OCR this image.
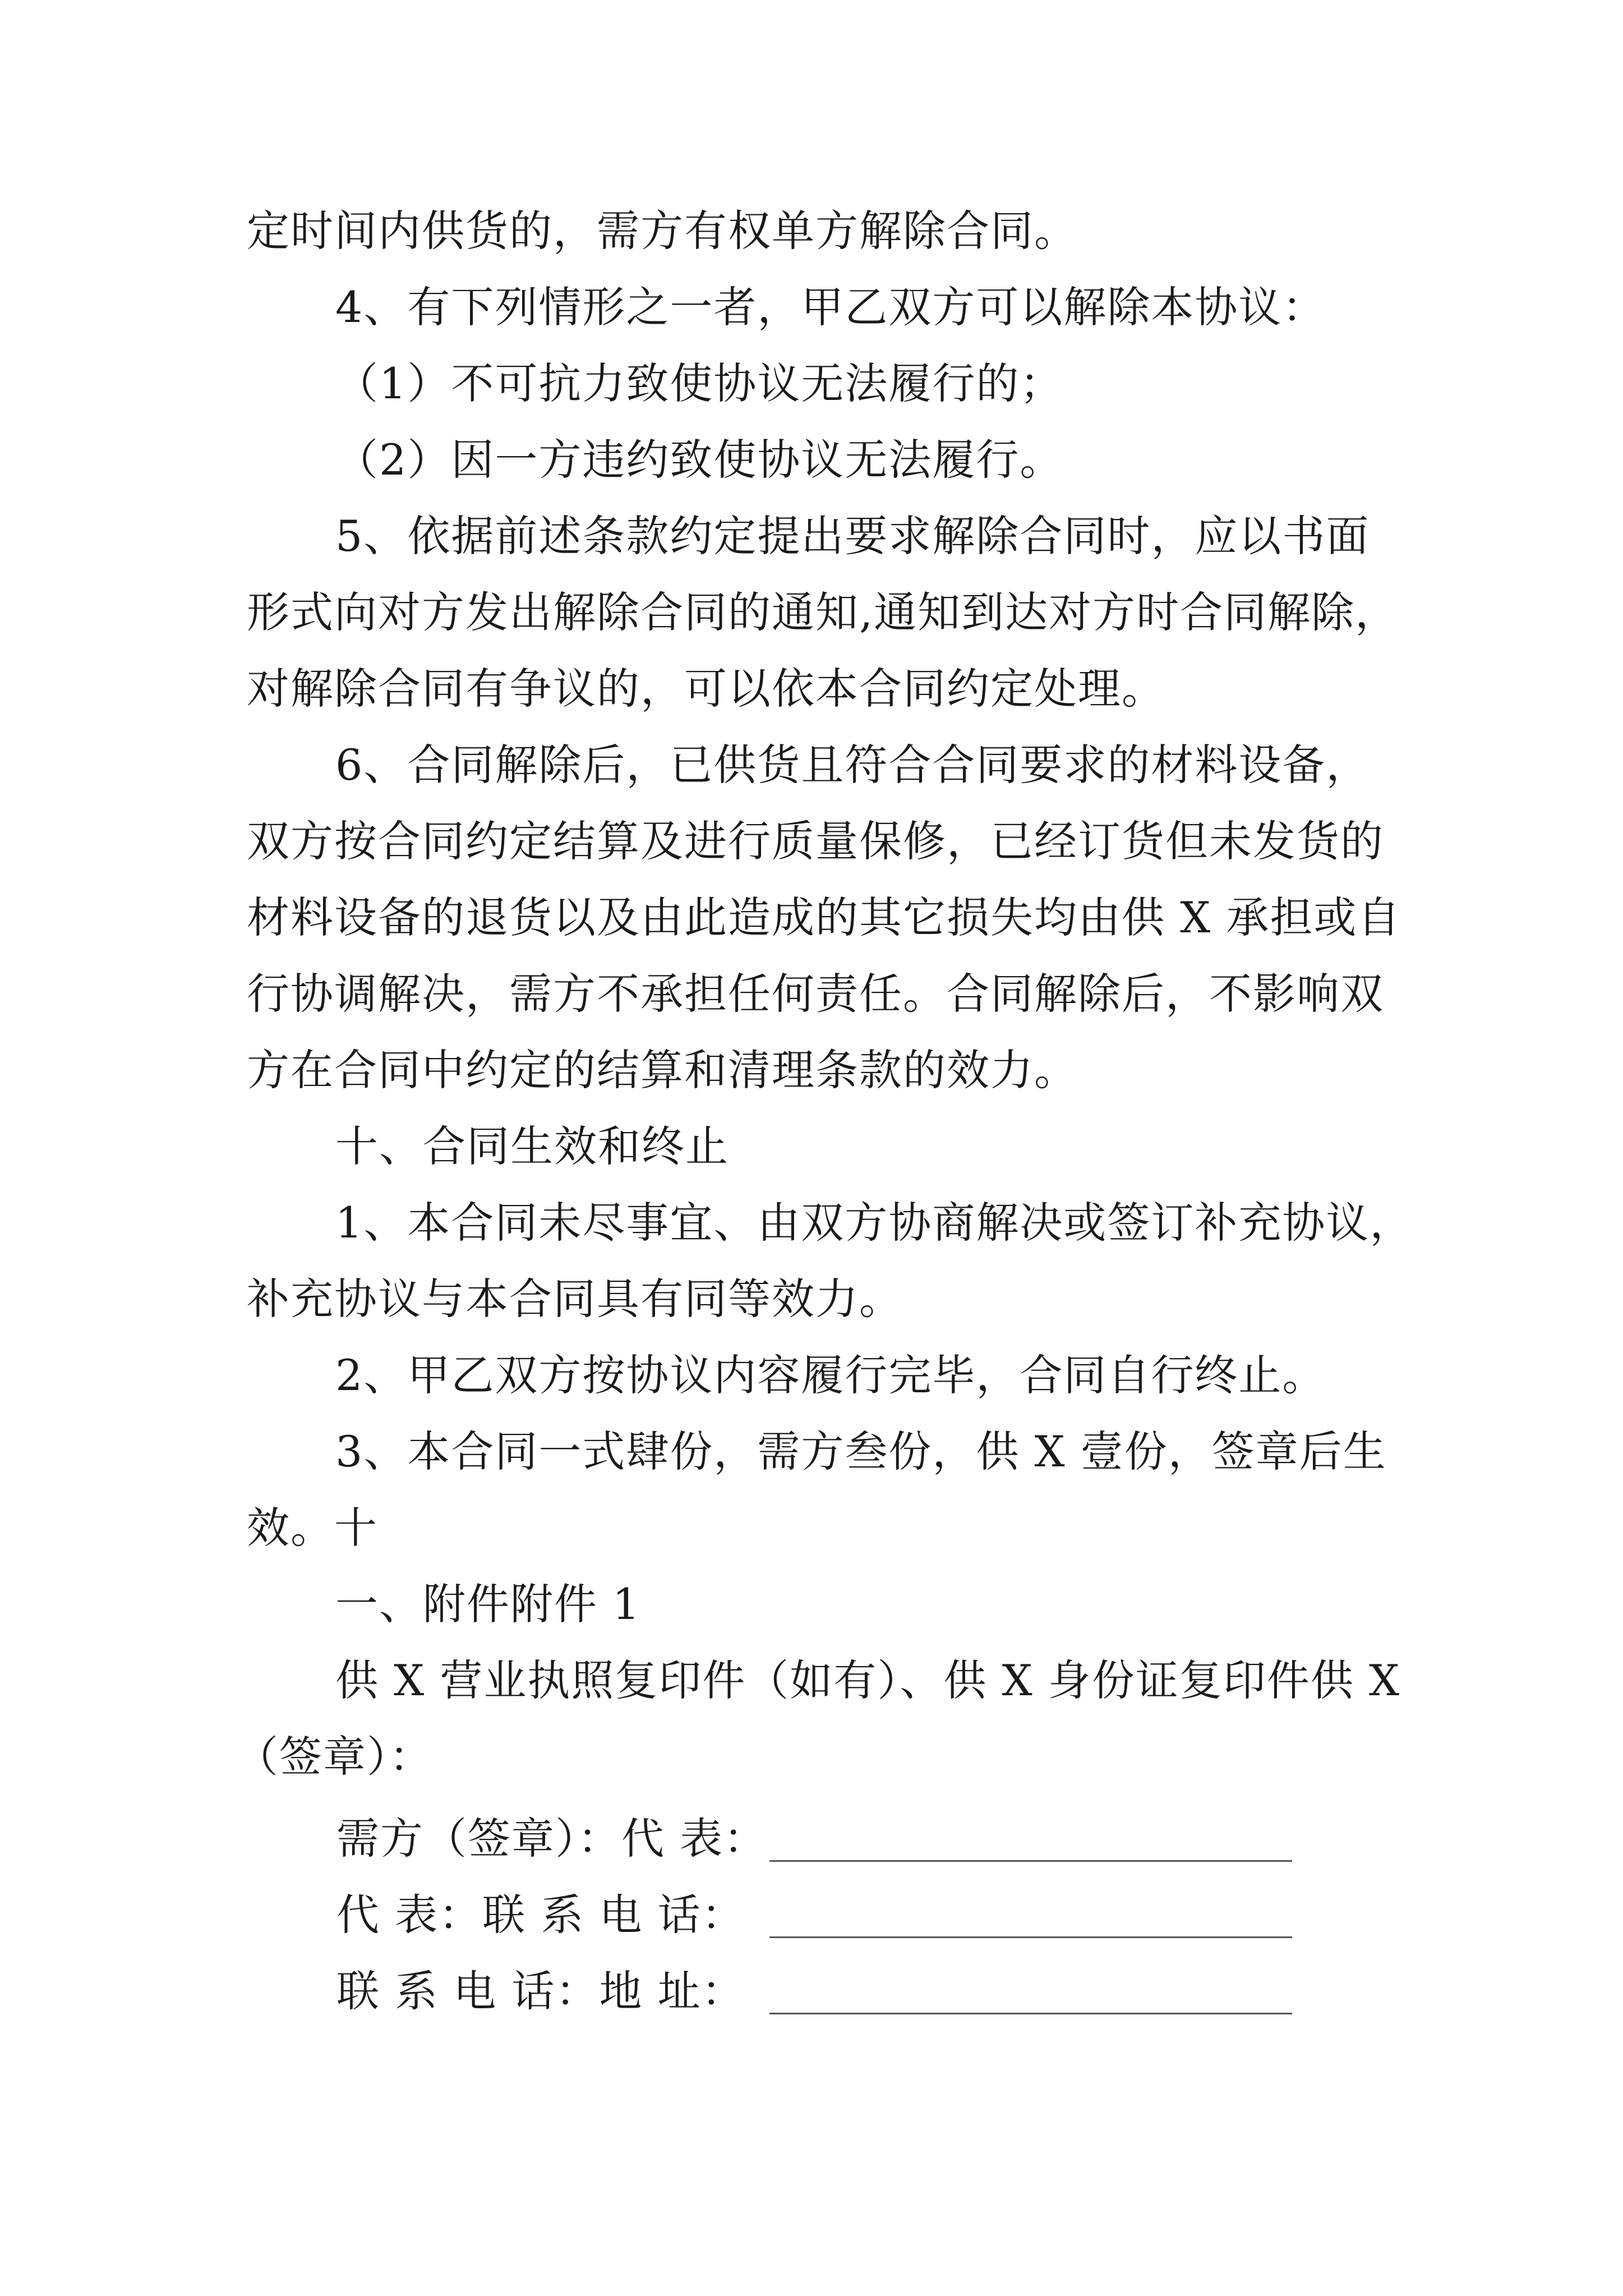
定时间内供货的，需方有权单方解除合同。
4、有下列情形之一者，甲乙双方可以解除本协议：
（1）不可抗力致使协议无法履行的；
（2）因一方违约致使协议无法履行。
5、依据前述条款约定提出要求解除合同时，应以书面
形式向对方发出解除合同的通知,通知到达对方时合同解除，
对解除合同有争议的，可以依本合同约定处理。
6、合同解除后，已供货且符合合同要求的材料设备，
双方按合同约定结算及进行质量保修，已经订货但未发货的
材料设备的退货以及由此造成的其它损失均由供 X 承担或自
行协调解决，需方不承担任何责任。合同解除后，不影响双
方在合同中约定的结算和清理条款的效力。
十、合同生效和终止
1、本合同未尽事宜、由双方协商解决或签订补充协议，
补充协议与本合同具有同等效力。
2、甲乙双方按协议内容履行完毕，合同自行终止。
3、本合同一式肆份，需方叁份，供 X 壹份，签章后生
效。十
一、附件附件 1
供 X 营业执照复印件（如有）、供 X 身份证复印件供 X
（签章）：
需方（签章）：代 表：
代 表：联 系 电 话：
联 系 电 话：地 址：
